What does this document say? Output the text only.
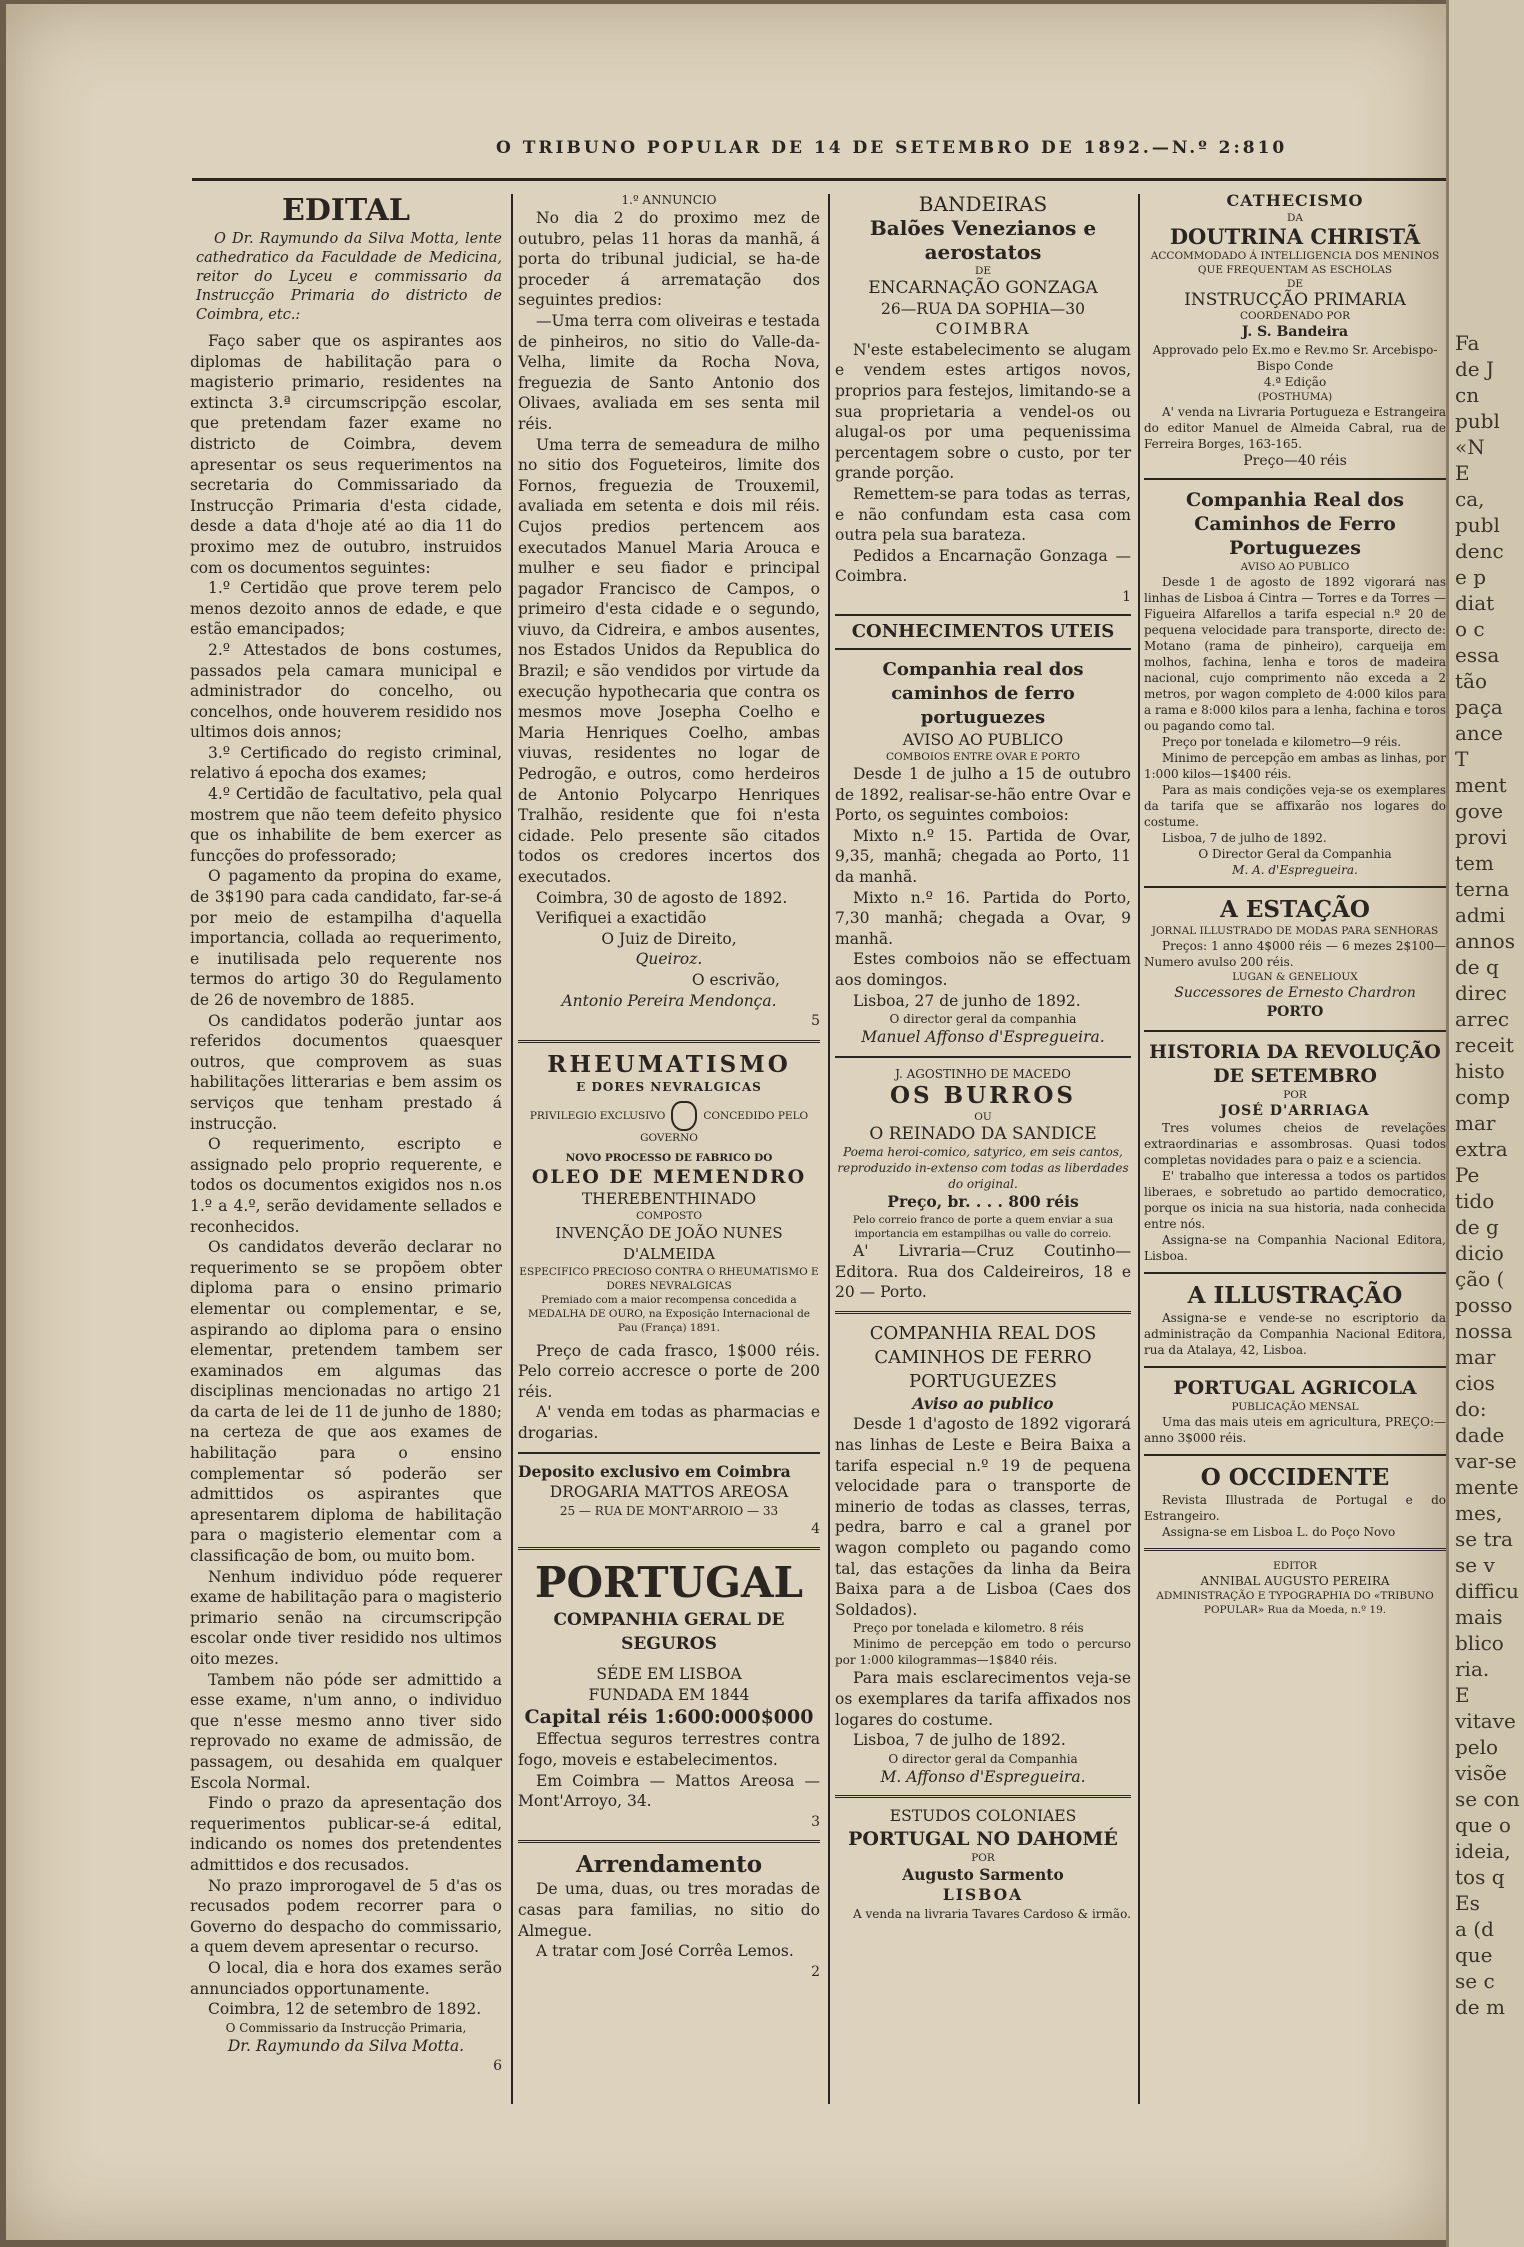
O TRIBUNO POPULAR DE 14 DE SETEMBRO DE 1892.—N.º 2:810

EDITAL

O Dr. Raymundo da Silva Motta, lente cathedratico da Faculdade de Medicina, reitor do Lyceu e commissario da Instrucção Primaria do districto de Coimbra, etc.:

Faço saber que os aspirantes aos diplomas de habilitação para o magisterio primario, residentes na extincta 3.ª circumscripção escolar, que pretendam fazer exame no districto de Coimbra, devem apresentar os seus requerimentos na secretaria do Commissariado da Instrucção Primaria d'esta cidade, desde a data d'hoje até ao dia 11 do proximo mez de outubro, instruidos com os documentos seguintes:

1.º Certidão que prove terem pelo menos dezoito annos de edade, e que estão emancipados;

2.º Attestados de bons costumes, passados pela camara municipal e administrador do concelho, ou concelhos, onde houverem residido nos ultimos dois annos;

3.º Certificado do registo criminal, relativo á epocha dos exames;

4.º Certidão de facultativo, pela qual mostrem que não teem defeito physico que os inhabilite de bem exercer as funcções do professorado;

O pagamento da propina do exame, de 3$190 para cada candidato, far-se-á por meio de estampilha d'aquella importancia, collada ao requerimento, e inutilisada pelo requerente nos termos do artigo 30 do Regulamento de 26 de novembro de 1885.

Os candidatos poderão juntar aos referidos documentos quaesquer outros, que comprovem as suas habilitações litterarias e bem assim os serviços que tenham prestado á instrucção.

O requerimento, escripto e assignado pelo proprio requerente, e todos os documentos exigidos nos n.os 1.º a 4.º, serão devidamente sellados e reconhecidos.

Os candidatos deverão declarar no requerimento se se propõem obter diploma para o ensino primario elementar ou complementar, e se, aspirando ao diploma para o ensino elementar, pretendem tambem ser examinados em algumas das disciplinas mencionadas no artigo 21 da carta de lei de 11 de junho de 1880; na certeza de que aos exames de habilitação para o ensino complementar só poderão ser admittidos os aspirantes que apresentarem diploma de habilitação para o magisterio elementar com a classificação de bom, ou muito bom.

Nenhum individuo póde requerer exame de habilitação para o magisterio primario senão na circumscripção escolar onde tiver residido nos ultimos oito mezes.

Tambem não póde ser admittido a esse exame, n'um anno, o individuo que n'esse mesmo anno tiver sido reprovado no exame de admissão, de passagem, ou desahida em qualquer Escola Normal.

Findo o prazo da apresentação dos requerimentos publicar-se-á edital, indicando os nomes dos pretendentes admittidos e dos recusados.

No prazo improrogavel de 5 d'as os recusados podem recorrer para o Governo do despacho do commissario, a quem devem apresentar o recurso.

O local, dia e hora dos exames serão annunciados opportunamente.

Coimbra, 12 de setembro de 1892.

O Commissario da Instrucção Primaria,

Dr. Raymundo da Silva Motta.

6

1.º ANNUNCIO

No dia 2 do proximo mez de outubro, pelas 11 horas da manhã, á porta do tribunal judicial, se ha-de proceder á arrematação dos seguintes predios:

—Uma terra com oliveiras e testada de pinheiros, no sitio do Valle-da-Velha, limite da Rocha Nova, freguezia de Santo Antonio dos Olivaes, avaliada em ses senta mil réis.

Uma terra de semeadura de milho no sitio dos Fogueteiros, limite dos Fornos, freguezia de Trouxemil, avaliada em setenta e dois mil réis. Cujos predios pertencem aos executados Manuel Maria Arouca e mulher e seu fiador e principal pagador Francisco de Campos, o primeiro d'esta cidade e o segundo, viuvo, da Cidreira, e ambos ausentes, nos Estados Unidos da Republica do Brazil; e são vendidos por virtude da execução hypothecaria que contra os mesmos move Josepha Coelho e Maria Henriques Coelho, ambas viuvas, residentes no logar de Pedrogão, e outros, como herdeiros de Antonio Polycarpo Henriques Tralhão, residente que foi n'esta cidade. Pelo presente são citados todos os credores incertos dos executados.

Coimbra, 30 de agosto de 1892.

Verifiquei a exactidão

O Juiz de Direito,

Queiroz.

O escrivão,

Antonio Pereira Mendonça.

5

RHEUMATISMO

E DORES NEVRALGICAS

PRIVILEGIO EXCLUSIVO	CONCEDIDO PELO GOVERNO

NOVO PROCESSO DE FABRICO DO

OLEO DE MEMENDRO

THEREBENTHINADO

COMPOSTO

INVENÇÃO DE JOÃO NUNES D'ALMEIDA

ESPECIFICO PRECIOSO CONTRA O RHEUMATISMO E DORES NEVRALGICAS

Premiado com a maior recompensa concedida a MEDALHA DE OURO, na Exposição Internacional de Pau (França) 1891.

Preço de cada frasco, 1$000 réis. Pelo correio accresce o porte de 200 réis.

A' venda em todas as pharmacias e drogarias.

Deposito exclusivo em Coimbra

DROGARIA MATTOS AREOSA

25 — RUA DE MONT'ARROIO — 33

4

PORTUGAL

COMPANHIA GERAL DE SEGUROS

SÉDE EM LISBOA

FUNDADA EM 1844

Capital réis 1:600:000$000

Effectua seguros terrestres contra fogo, moveis e estabelecimentos.

Em Coimbra — Mattos Areosa — Mont'Arroyo, 34.

3

Arrendamento

De uma, duas, ou tres moradas de casas para familias, no sitio do Almegue.

A tratar com José Corrêa Lemos.

2

BANDEIRAS

Balões Venezianos e aerostatos

DE

ENCARNAÇÃO GONZAGA

26—RUA DA SOPHIA—30

COIMBRA

N'este estabelecimento se alugam e vendem estes artigos novos, proprios para festejos, limitando-se a sua proprietaria a vendel-os ou alugal-os por uma pequenissima percentagem sobre o custo, por ter grande porção.

Remettem-se para todas as terras, e não confundam esta casa com outra pela sua barateza.

Pedidos a Encarnação Gonzaga — Coimbra.

1

CONHECIMENTOS UTEIS

Companhia real dos caminhos de ferro portuguezes

AVISO AO PUBLICO

COMBOIOS ENTRE OVAR E PORTO

Desde 1 de julho a 15 de outubro de 1892, realisar-se-hão entre Ovar e Porto, os seguintes comboios:

Mixto n.º 15. Partida de Ovar, 9,35, manhã; chegada ao Porto, 11 da manhã.

Mixto n.º 16. Partida do Porto, 7,30 manhã; chegada a Ovar, 9 manhã.

Estes comboios não se effectuam aos domingos.

Lisboa, 27 de junho de 1892.

O director geral da companhia

Manuel Affonso d'Espregueira.

J. AGOSTINHO DE MACEDO

OS BURROS

OU

O REINADO DA SANDICE

Poema heroi-comico, satyrico, em seis cantos, reproduzido in-extenso com todas as liberdades do original.

Preço, br. . . . 800 réis

Pelo correio franco de porte a quem enviar a sua importancia em estampilhas ou valle do correio.

A' Livraria—Cruz Coutinho—Editora. Rua dos Caldeireiros, 18 e 20 — Porto.

COMPANHIA REAL DOS CAMINHOS DE FERRO PORTUGUEZES

Aviso ao publico

Desde 1 d'agosto de 1892 vigorará nas linhas de Leste e Beira Baixa a tarifa especial n.º 19 de pequena velocidade para o transporte de minerio de todas as classes, terras, pedra, barro e cal a granel por wagon completo ou pagando como tal, das estações da linha da Beira Baixa para a de Lisboa (Caes dos Soldados).

Preço por tonelada e kilometro. 8 réis

Minimo de percepção em todo o percurso por 1:000 kilogrammas—1$840 réis.

Para mais esclarecimentos veja-se os exemplares da tarifa affixados nos logares do costume.

Lisboa, 7 de julho de 1892.

O director geral da Companhia

M. Affonso d'Espregueira.

ESTUDOS COLONIAES

PORTUGAL NO DAHOMÉ

POR

Augusto Sarmento

LISBOA

A venda na livraria Tavares Cardoso & irmão.

CATHECISMO

DA

DOUTRINA CHRISTÃ

ACCOMMODADO Á INTELLIGENCIA DOS MENINOS QUE FREQUENTAM AS ESCHOLAS

DE

INSTRUCÇÃO PRIMARIA

COORDENADO POR

J. S. Bandeira

Approvado pelo Ex.mo e Rev.mo Sr. Arcebispo-Bispo Conde

4.ª Edição

(POSTHUMA)

A' venda na Livraria Portugueza e Estrangeira do editor Manuel de Almeida Cabral, rua de Ferreira Borges, 163-165.

Preço—40 réis

Companhia Real dos Caminhos de Ferro Portuguezes

AVISO AO PUBLICO

Desde 1 de agosto de 1892 vigorará nas linhas de Lisboa á Cintra — Torres e da Torres — Figueira Alfarellos a tarifa especial n.º 20 de pequena velocidade para transporte, directo de: Motano (rama de pinheiro), carqueija em molhos, fachina, lenha e toros de madeira nacional, cujo comprimento não exceda a 2 metros, por wagon completo de 4:000 kilos para a rama e 8:000 kilos para a lenha, fachina e toros ou pagando como tal.

Preço por tonelada e kilometro—9 réis.

Minimo de percepção em ambas as linhas, por 1:000 kilos—1$400 réis.

Para as mais condições veja-se os exemplares da tarifa que se affixarão nos logares do costume.

Lisboa, 7 de julho de 1892.

O Director Geral da Companhia

M. A. d'Espregueira.

A ESTAÇÃO

JORNAL ILLUSTRADO DE MODAS PARA SENHORAS

Preços: 1 anno 4$000 réis — 6 mezes 2$100—Numero avulso 200 réis.

LUGAN & GENELIOUX

Successores de Ernesto Chardron

PORTO

HISTORIA DA REVOLUÇÃO DE SETEMBRO

POR

JOSÉ D'ARRIAGA

Tres volumes cheios de revelações extraordinarias e assombrosas. Quasi todos completas novidades para o paiz e a sciencia.

E' trabalho que interessa a todos os partidos liberaes, e sobretudo ao partido democratico, porque os inicia na sua historia, nada conhecida entre nós.

Assigna-se na Companhia Nacional Editora, Lisboa.

A ILLUSTRAÇÃO

Assigna-se e vende-se no escriptorio da administração da Companhia Nacional Editora, rua da Atalaya, 42, Lisboa.

PORTUGAL AGRICOLA

PUBLICAÇÃO MENSAL

Uma das mais uteis em agricultura, PREÇO:—anno 3$000 réis.

O OCCIDENTE

Revista Illustrada de Portugal e do Estrangeiro.

Assigna-se em Lisboa L. do Poço Novo

EDITOR

ANNIBAL AUGUSTO PEREIRA

ADMINISTRAÇÃO E TYPOGRAPHIA DO «TRIBUNO POPULAR» Rua da Moeda, n.º 19.

Fa
de J
cn
publ
«N
E
ca,
publ
denc
e p
diat
o c
essa
tão
paça
ance
T
ment
gove
provi
tem
terna
admi
annos
de q
direc
arrec
receit
histo
comp
mar
extra
Pe
tido
de g
dicio
ção (
posso
nossa
mar
cios
do:
dade
var-se
mente
mes,
se tra
se v
difficu
mais
blico
ria.
E
vitave
pelo
visõe
se con
que o
ideia,
tos q
Es
a (d
que
se c
de m
